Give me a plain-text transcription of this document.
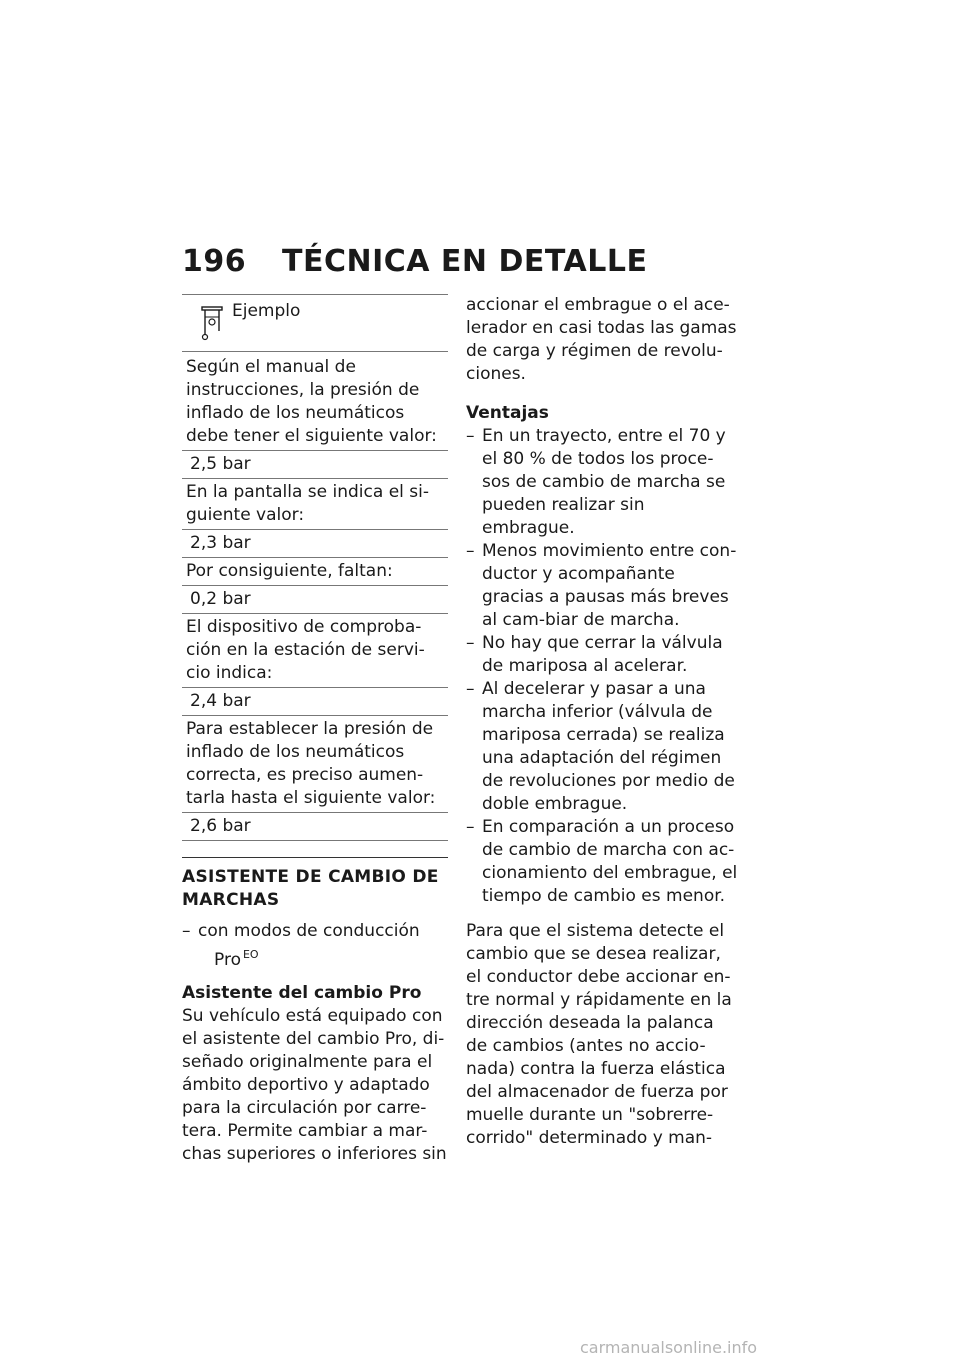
196 TÉCNICA EN DETALLE
Ejemplo
Según el manual de instrucciones, la presión de inflado de los neumáticos debe tener el siguiente valor:
2,5 bar
En la pantalla se indica el si-guiente valor:
2,3 bar
Por consiguiente, faltan:
0,2 bar
El dispositivo de comproba-ción en la estación de servi-cio indica:
2,4 bar
Para establecer la presión de inflado de los neumáticos correcta, es preciso aumen-tarla hasta el siguiente valor:
2,6 bar
ASISTENTE DE CAMBIO DE MARCHAS
– con modos de conducción
Pro $^{EO}$
Asistente del cambio Pro

Su vehículo está equipado con el asistente del cambio Pro, di-señado originalmente para el ámbito deportivo y adaptado para la circulación por carre-tera. Permite cambiar a mar-chas superiores o inferiores sin

accionar el embrague o el ace-lerador en casi todas las gamas de carga y régimen de revolu-ciones.

Ventajas
– En un trayecto, entre el 70 y el 80 % de todos los proce-sos de cambio de marcha se pueden realizar sin embrague.
– Menos movimiento entre con-ductor y acompañante gracias a pausas más breves al cam-biar de marcha.
– No hay que cerrar la válvula de mariposa al acelerar.
– Al decelerar y pasar a una marcha inferior (válvula de mariposa cerrada) se realiza una adaptación del régimen de revoluciones por medio de doble embrague.
– En comparación a un proceso de cambio de marcha con ac-cionamiento del embrague, el tiempo de cambio es menor.

Para que el sistema detecte el cambio que se desea realizar, el conductor debe accionar en-tre normal y rápidamente en la dirección deseada la palanca de cambios (antes no accio-nada) contra la fuerza elástica del almacenador de fuerza por muelle durante un "sobrerre-corrido" determinado y man-

carmanualsonline.info
